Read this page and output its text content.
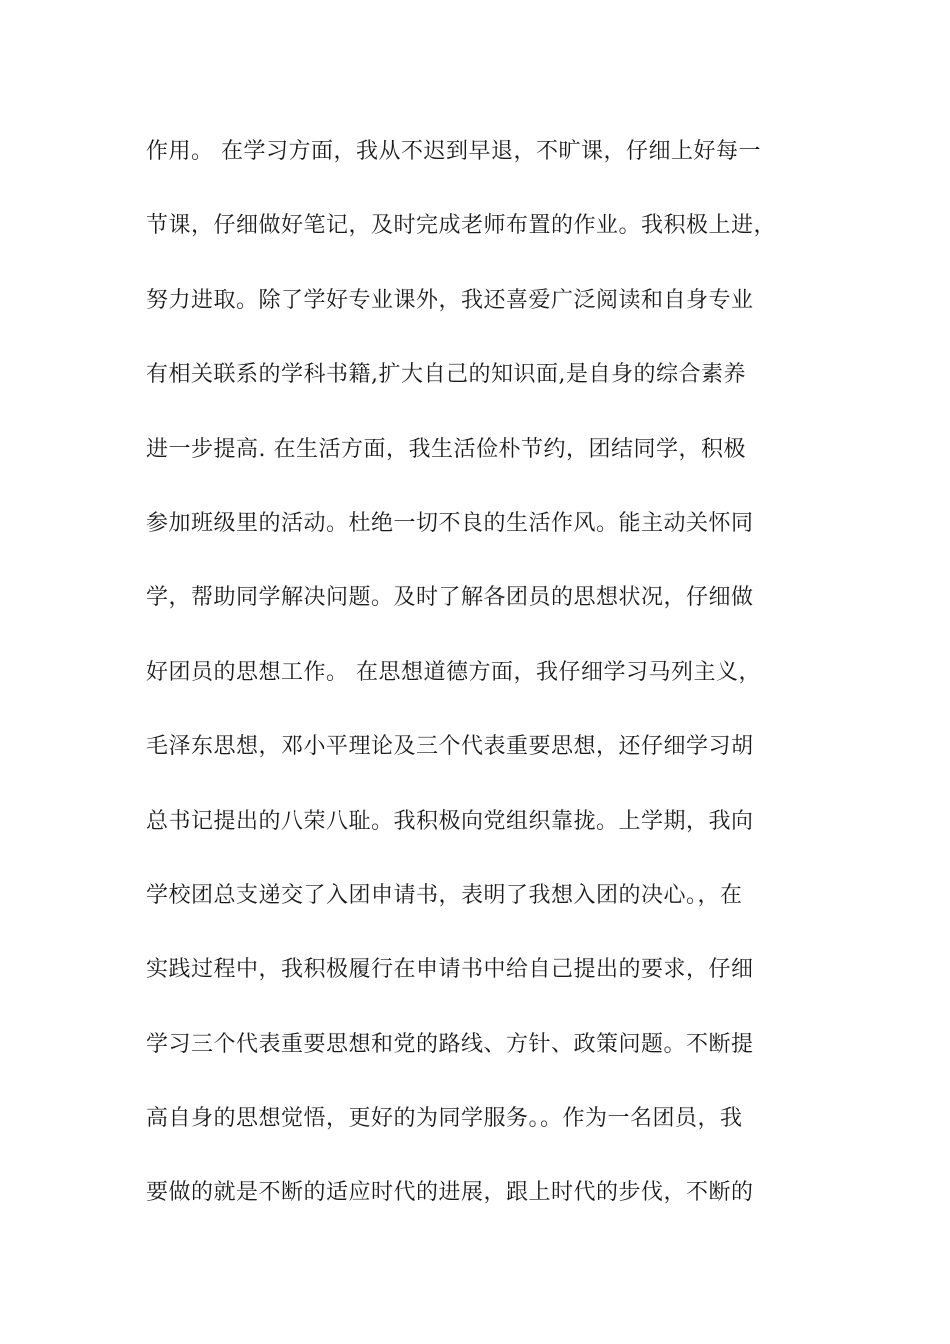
作用。 在学习方面，我从不迟到早退，不旷课，仔细上好每一
节课，仔细做好笔记，及时完成老师布置的作业。我积极上进，
努力进取。除了学好专业课外，我还喜爱广泛阅读和自身专业
有相关联系的学科书籍,扩大自己的知识面,是自身的综合素养
进一步提高. 在生活方面，我生活俭朴节约，团结同学，积极
参加班级里的活动。杜绝一切不良的生活作风。能主动关怀同
学，帮助同学解决问题。及时了解各团员的思想状况，仔细做
好团员的思想工作。 在思想道德方面，我仔细学习马列主义，
毛泽东思想，邓小平理论及三个代表重要思想，还仔细学习胡
总书记提出的八荣八耻。我积极向党组织靠拢。上学期，我向
学校团总支递交了入团申请书，表明了我想入团的决心。，在
实践过程中，我积极履行在申请书中给自己提出的要求，仔细
学习三个代表重要思想和党的路线、方针、政策问题。不断提
高自身的思想觉悟，更好的为同学服务。。作为一名团员，我
要做的就是不断的适应时代的进展，跟上时代的步伐，不断的
